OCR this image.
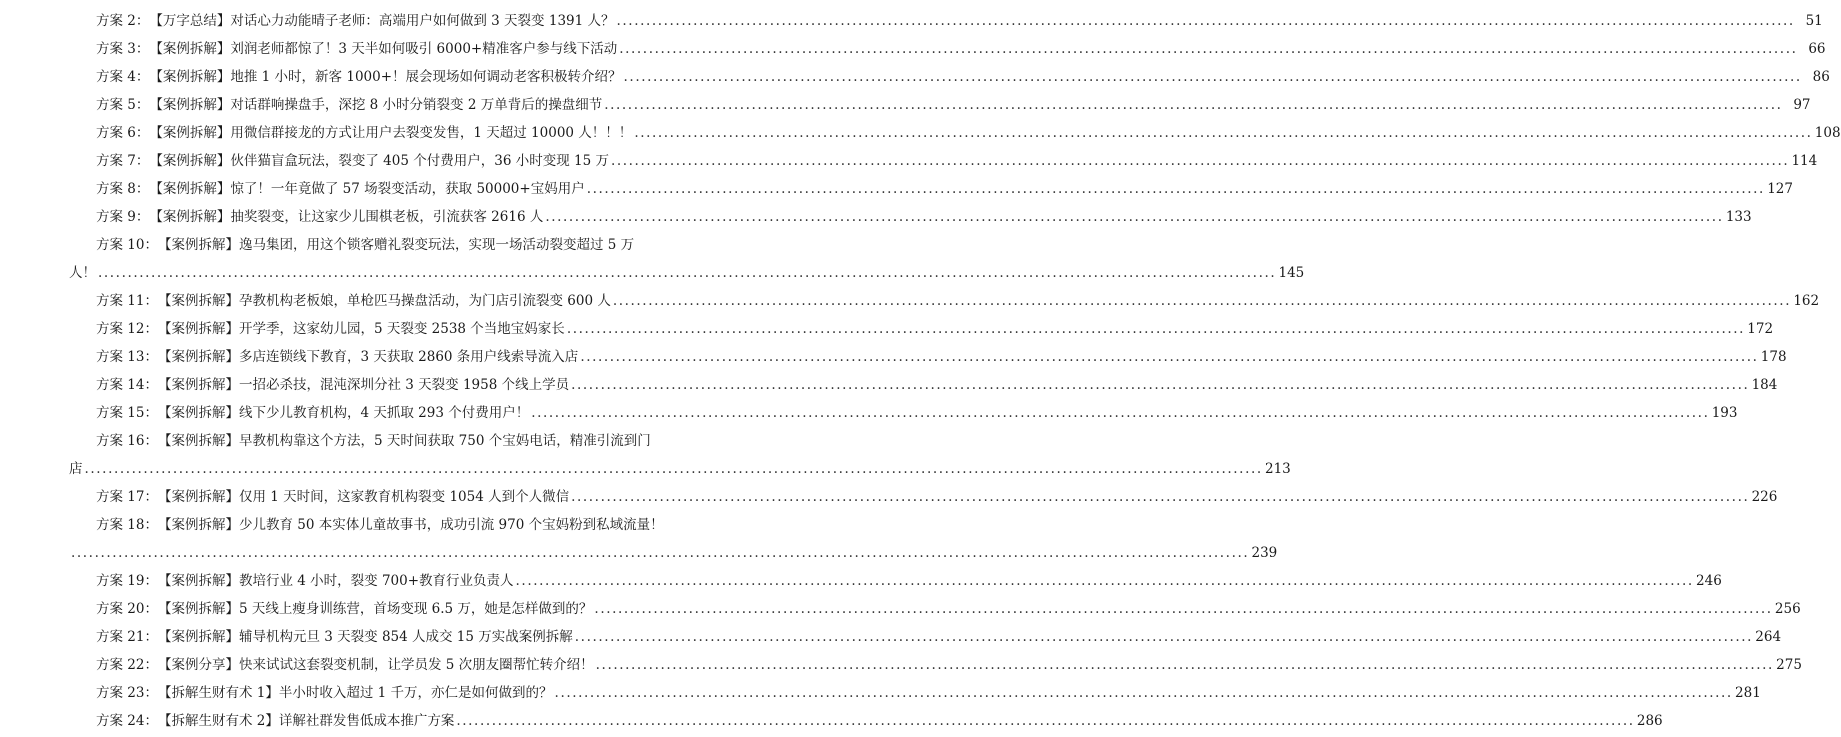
方案 2： 【万字总结】对话心力动能晴子老师：高端用户如何做到 3 天裂变 1391 人？ ........................................................................................................................................................................................................ 51
方案 3： 【案例拆解】刘润老师都惊了！3 天半如何吸引 6000+精准客户参与线下活动 ........................................................................................................................................................................................................ 66
方案 4： 【案例拆解】地推 1 小时，新客 1000+！展会现场如何调动老客积极转介绍？ ........................................................................................................................................................................................................ 86
方案 5： 【案例拆解】对话群响操盘手，深挖 8 小时分销裂变 2 万单背后的操盘细节 ........................................................................................................................................................................................................ 97
方案 6： 【案例拆解】用微信群接龙的方式让用户去裂变发售，1 天超过 10000 人！！！ ........................................................................................................................................................................................................ 108
方案 7： 【案例拆解】伙伴猫盲盒玩法，裂变了 405 个付费用户，36 小时变现 15 万 ........................................................................................................................................................................................................ 114
方案 8： 【案例拆解】惊了！一年竟做了 57 场裂变活动，获取 50000+宝妈用户 ........................................................................................................................................................................................................ 127
方案 9： 【案例拆解】抽奖裂变，让这家少儿围棋老板，引流获客 2616 人 ........................................................................................................................................................................................................ 133
方案 10： 【案例拆解】逸马集团，用这个锁客赠礼裂变玩法，实现一场活动裂变超过 5 万
人！ ........................................................................................................................................................................................................ 145
方案 11： 【案例拆解】孕教机构老板娘，单枪匹马操盘活动，为门店引流裂变 600 人 ........................................................................................................................................................................................................ 162
方案 12： 【案例拆解】开学季，这家幼儿园，5 天裂变 2538 个当地宝妈家长 ........................................................................................................................................................................................................ 172
方案 13： 【案例拆解】多店连锁线下教育，3 天获取 2860 条用户线索导流入店 ........................................................................................................................................................................................................ 178
方案 14： 【案例拆解】一招必杀技，混沌深圳分社 3 天裂变 1958 个线上学员 ........................................................................................................................................................................................................ 184
方案 15： 【案例拆解】线下少儿教育机构，4 天抓取 293 个付费用户！ ........................................................................................................................................................................................................ 193
方案 16： 【案例拆解】早教机构靠这个方法，5 天时间获取 750 个宝妈电话，精准引流到门
店 ........................................................................................................................................................................................................ 213
方案 17： 【案例拆解】仅用 1 天时间，这家教育机构裂变 1054 人到个人微信 ........................................................................................................................................................................................................ 226
方案 18： 【案例拆解】少儿教育 50 本实体儿童故事书，成功引流 970 个宝妈粉到私域流量！
........................................................................................................................................................................................................ 239
方案 19： 【案例拆解】教培行业 4 小时，裂变 700+教育行业负责人 ........................................................................................................................................................................................................ 246
方案 20： 【案例拆解】5 天线上瘦身训练营，首场变现 6.5 万，她是怎样做到的？ ........................................................................................................................................................................................................ 256
方案 21： 【案例拆解】辅导机构元旦 3 天裂变 854 人成交 15 万实战案例拆解 ........................................................................................................................................................................................................ 264
方案 22： 【案例分享】快来试试这套裂变机制，让学员发 5 次朋友圈帮忙转介绍！ ........................................................................................................................................................................................................ 275
方案 23： 【拆解生财有术 1】半小时收入超过 1 千万，亦仁是如何做到的？ ........................................................................................................................................................................................................ 281
方案 24： 【拆解生财有术 2】详解社群发售低成本推广方案 ........................................................................................................................................................................................................ 286
